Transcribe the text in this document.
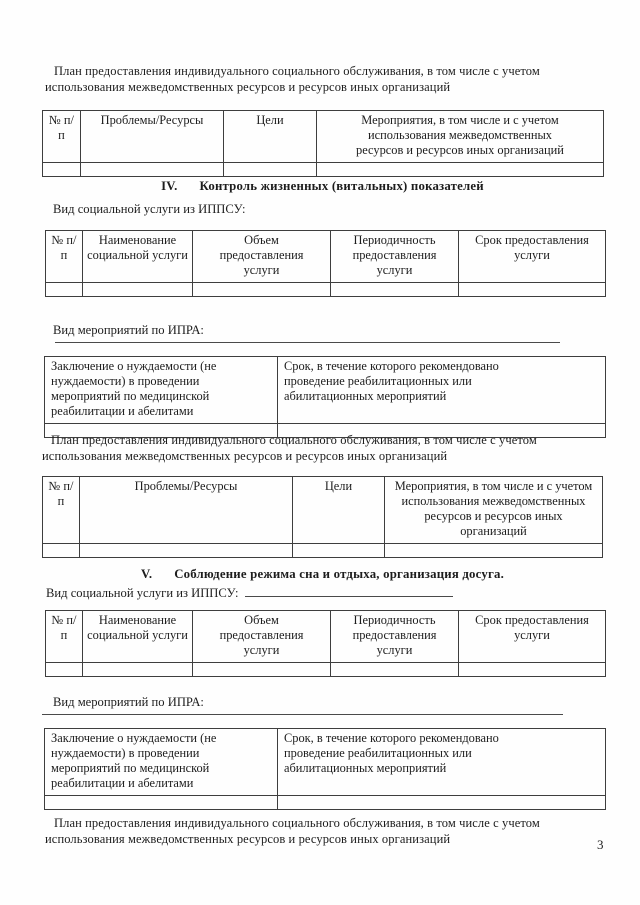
План предоставления индивидуального социального обслуживания, в том числе с учетом использования межведомственных ресурсов и ресурсов иных организаций

№ п/п	Проблемы/Ресурсы	Цели	Мероприятия, в том числе и с учетом использования межведомственных ресурсов и ресурсов иных организаций

IV. Контроль жизненных (витальных) показателей
Вид социальной услуги из ИППСУ:
№ п/п	Наименование социальной услуги	Объем предоставления услуги	Периодичность предоставления услуги	Срок предоставления услуги

Вид мероприятий по ИПРА:
Заключение о нуждаемости (не нуждаемости) в проведении мероприятий по медицинской реабилитации и абелитами	Срок, в течение которого рекомендовано проведение реабилитационных или абилитационных мероприятий

План предоставления индивидуального социального обслуживания, в том числе с учетом использования межведомственных ресурсов и ресурсов иных организаций

№ п/п	Проблемы/Ресурсы	Цели	Мероприятия, в том числе и с учетом использования межведомственных ресурсов и ресурсов иных организаций

V. Соблюдение режима сна и отдыха, организация досуга.
Вид социальной услуги из ИППСУ:
№ п/п	Наименование социальной услуги	Объем предоставления услуги	Периодичность предоставления услуги	Срок предоставления услуги

Вид мероприятий по ИПРА:
Заключение о нуждаемости (не нуждаемости) в проведении мероприятий по медицинской реабилитации и абелитами	Срок, в течение которого рекомендовано проведение реабилитационных или абилитационных мероприятий

План предоставления индивидуального социального обслуживания, в том числе с учетом использования межведомственных ресурсов и ресурсов иных организаций	3
